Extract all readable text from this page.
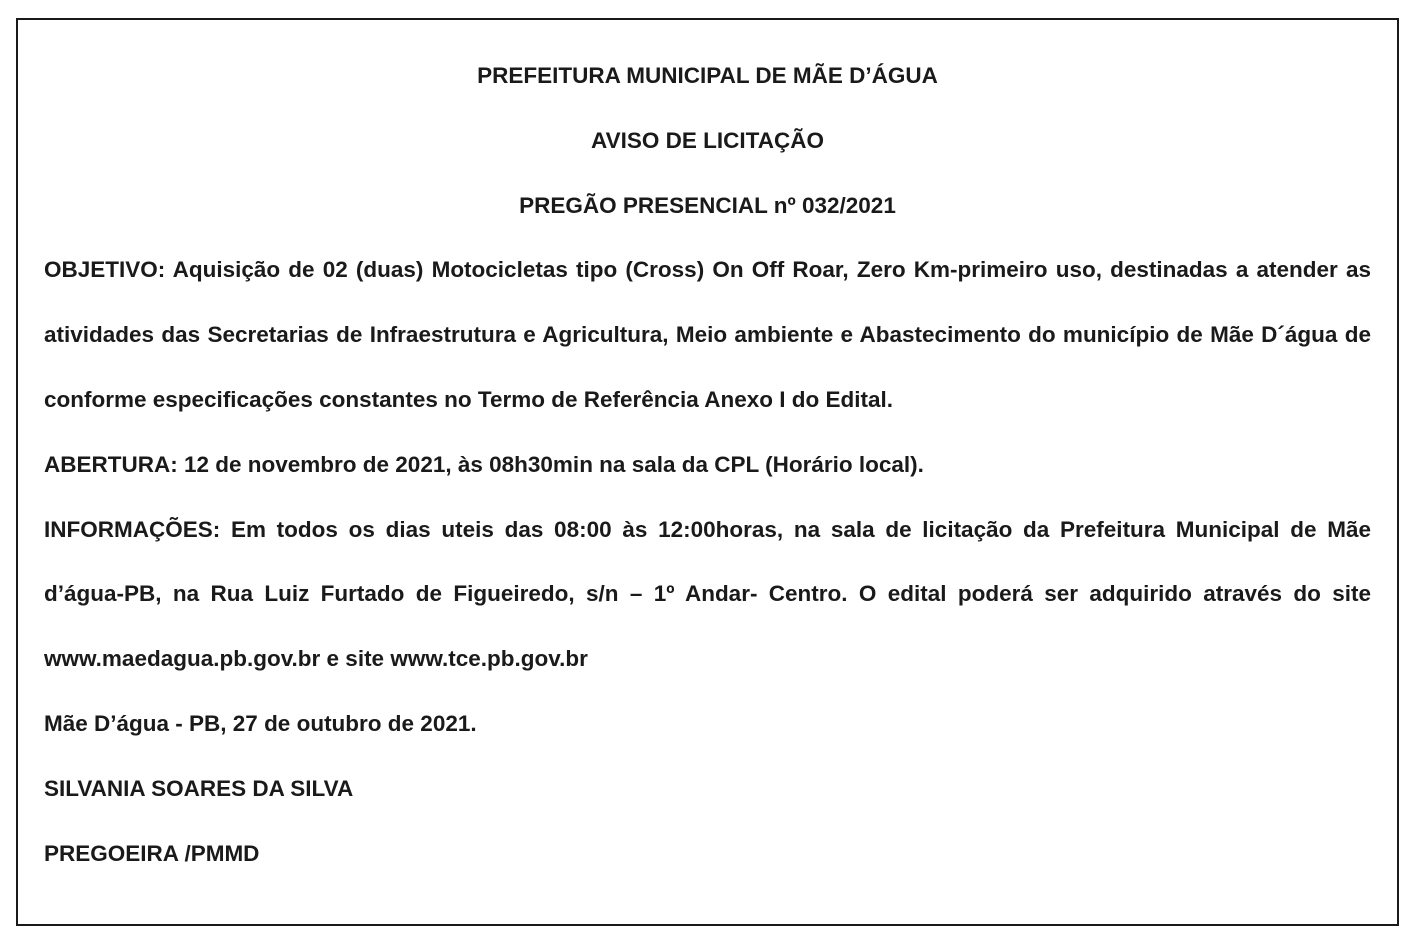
PREFEITURA MUNICIPAL DE MÃE D’ÁGUA

AVISO DE LICITAÇÃO

PREGÃO PRESENCIAL nº 032/2021

OBJETIVO: Aquisição de 02 (duas) Motocicletas tipo (Cross) On Off Roar, Zero Km-primeiro uso, destinadas a atender as atividades das Secretarias de Infraestrutura e Agricultura, Meio ambiente e Abastecimento do município de Mãe D´água de conforme especificações constantes no Termo de Referência Anexo I do Edital.

ABERTURA: 12 de novembro de 2021, às 08h30min na sala da CPL (Horário local).

INFORMAÇÕES: Em todos os dias uteis das 08:00 às 12:00horas, na sala de licitação da Prefeitura Municipal de Mãe d’água-PB, na Rua Luiz Furtado de Figueiredo, s/n – 1º Andar- Centro. O edital poderá ser adquirido através do site www.maedagua.pb.gov.br e site www.tce.pb.gov.br

Mãe D’água - PB, 27 de outubro de 2021.

SILVANIA SOARES DA SILVA

PREGOEIRA /PMMD
